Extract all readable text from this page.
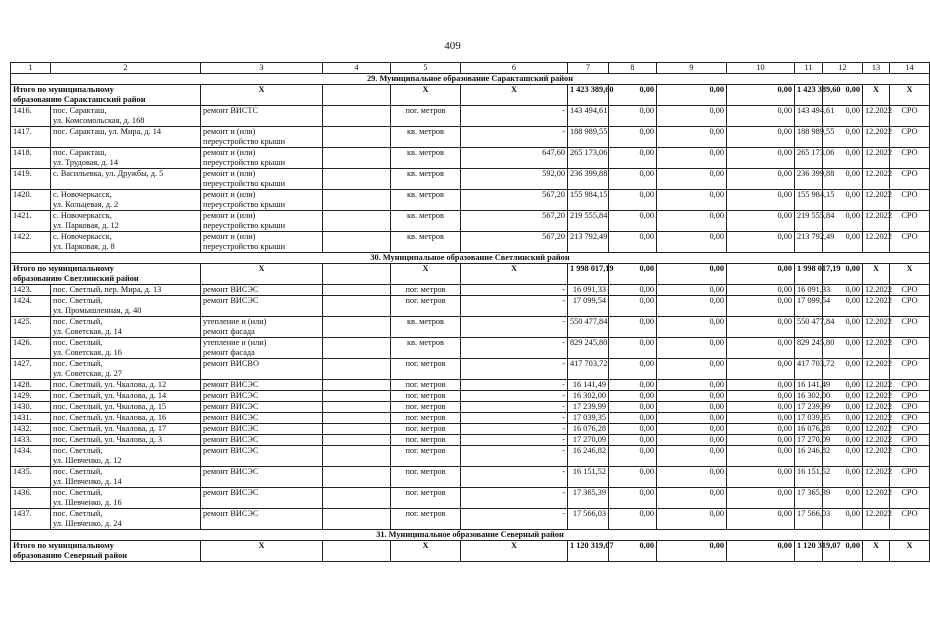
409
1	2	3	4	5	6	7	8	9	10	11	12	13	14
29. Муниципальное образование Саракташский район													

Итого по муниципальному
образованию Саракташский район		X		X	X	1 423 389,60	0,00	0,00	0,00	1 423 389,60	0,00	X	X
1416.	пос. Саракташ,
ул. Комсомольская, д. 168	ремонт ВИСТС		пог. метров	-	143 494,61	0,00	0,00	0,00	143 494,61	0,00	12.2022	СРО
1417.	пос. Саракташ, ул. Мира, д. 14	ремонт и (или)
переустройство крыши		кв. метров	-	188 989,55	0,00	0,00	0,00	188 989,55	0,00	12.2022	СРО
1418.	пос. Саракташ,
ул. Трудовая, д. 14	ремонт и (или)
переустройство крыши		кв. метров	647,60	265 173,06	0,00	0,00	0,00	265 173,06	0,00	12.2022	СРО
1419.	с. Васильевка, ул. Дружбы, д. 5	ремонт и (или)
переустройство крыши		кв. метров	592,00	236 399,88	0,00	0,00	0,00	236 399,88	0,00	12.2022	СРО
1420.	с. Новочеркасск,
ул. Кольцевая, д. 2	ремонт и (или)
переустройство крыши		кв. метров	567,20	155 984,15	0,00	0,00	0,00	155 984,15	0,00	12.2022	СРО
1421.	с. Новочеркасск,
ул. Парковая, д. 12	ремонт и (или)
переустройство крыши		кв. метров	567,20	219 555,84	0,00	0,00	0,00	219 555,84	0,00	12.2022	СРО
1422.	с. Новочеркасск,
ул. Парковая, д. 8	ремонт и (или)
переустройство крыши		кв. метров	567,20	213 792,49	0,00	0,00	0,00	213 792,49	0,00	12.2022	СРО
30. Муниципальное образование Светлинский район													

Итого по муниципальному
образованию Светлинский район		X		X	X	1 998 017,19	0,00	0,00	0,00	1 998 017,19	0,00	X	X
1423.	пос. Светлый, пер. Мира, д. 13	ремонт ВИСЭС		пог. метров	-	16 091,33	0,00	0,00	0,00	16 091,33	0,00	12.2022	СРО
1424.	пос. Светлый,
ул. Промышленная, д. 40	ремонт ВИСЭС		пог. метров	-	17 099,54	0,00	0,00	0,00	17 099,54	0,00	12.2022	СРО
1425.	пос. Светлый,
ул. Советская, д. 14	утепление и (или)
ремонт фасада		кв. метров	-	550 477,84	0,00	0,00	0,00	550 477,84	0,00	12.2022	СРО
1426.	пос. Светлый,
ул. Советская, д. 16	утепление и (или)
ремонт фасада		кв. метров	-	829 245,80	0,00	0,00	0,00	829 245,80	0,00	12.2022	СРО
1427.	пос. Светлый,
ул. Советская, д. 27	ремонт ВИСВО		пог. метров	-	417 703,72	0,00	0,00	0,00	417 703,72	0,00	12.2022	СРО
1428.	пос. Светлый, ул. Чкалова, д. 12	ремонт ВИСЭС		пог. метров	-	16 141,49	0,00	0,00	0,00	16 141,49	0,00	12.2022	СРО
1429.	пос. Светлый, ул. Чкалова, д. 14	ремонт ВИСЭС		пог. метров	-	16 302,00	0,00	0,00	0,00	16 302,00	0,00	12.2022	СРО
1430.	пос. Светлый, ул. Чкалова, д. 15	ремонт ВИСЭС		пог. метров	-	17 239,99	0,00	0,00	0,00	17 239,99	0,00	12.2022	СРО
1431.	пос. Светлый, ул. Чкалова, д. 16	ремонт ВИСЭС		пог. метров	-	17 039,35	0,00	0,00	0,00	17 039,35	0,00	12.2022	СРО
1432.	пос. Светлый, ул. Чкалова, д. 17	ремонт ВИСЭС		пог. метров	-	16 076,28	0,00	0,00	0,00	16 076,28	0,00	12.2022	СРО
1433.	пос. Светлый, ул. Чкалова, д. 3	ремонт ВИСЭС		пог. метров	-	17 270,09	0,00	0,00	0,00	17 270,09	0,00	12.2022	СРО
1434.	пос. Светлый,
ул. Шевченко, д. 12	ремонт ВИСЭС		пог. метров	-	16 246,82	0,00	0,00	0,00	16 246,82	0,00	12.2022	СРО
1435.	пос. Светлый,
ул. Шевченко, д. 14	ремонт ВИСЭС		пог. метров	-	16 151,52	0,00	0,00	0,00	16 151,52	0,00	12.2022	СРО
1436.	пос. Светлый,
ул. Шевченко, д. 16	ремонт ВИСЭС		пог. метров	-	17 365,39	0,00	0,00	0,00	17 365,39	0,00	12.2022	СРО
1437.	пос. Светлый,
ул. Шевченко, д. 24	ремонт ВИСЭС		пог. метров	-	17 566,03	0,00	0,00	0,00	17 566,03	0,00	12.2022	СРО
31. Муниципальное образование Северный район													

Итого по муниципальному
образованию Северный район		X		X	X	1 120 319,07	0,00	0,00	0,00	1 120 319,07	0,00	X	X
